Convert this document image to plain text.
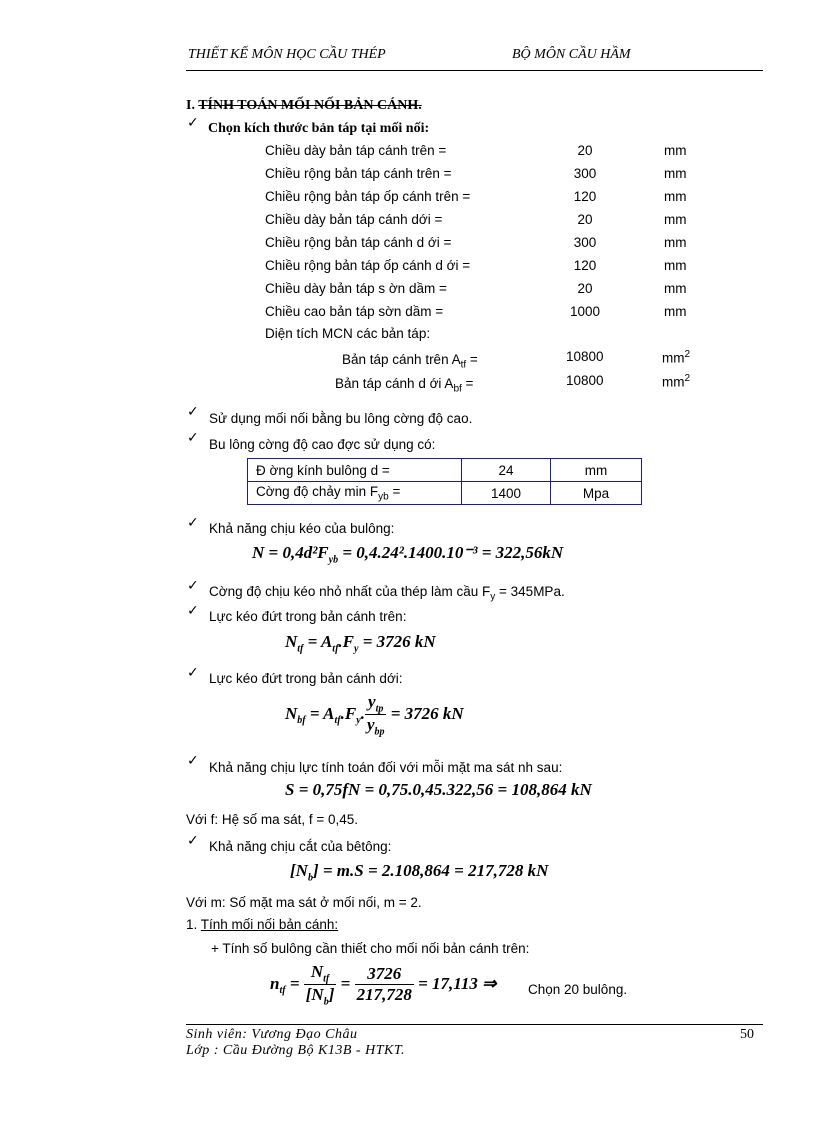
THIẾT KẾ MÔN HỌC CẦU THÉP	BỘ MÔN CẦU HẦM
I. TÍNH TOÁN MỐI NỐI BẢN CÁNH.
✓ Chọn kích thước bản táp tại mối nối:
Chiều dày bản táp cánh trên =	20	mm
Chiều rộng bản táp cánh trên =	300	mm
Chiều rộng bản táp ốp cánh trên =	120	mm
Chiều dày bản táp cánh dới =	20	mm
Chiều rộng bản táp cánh d ới =	300	mm
Chiều rộng bản táp ốp cánh d ới =	120	mm
Chiều dày bản táp s ờn dầm =	20	mm
Chiều cao bản táp sờn dầm =	1000	mm
Diện tích MCN các bản táp:
Bản táp cánh trên $A_{tf}$ =	10800	$mm^2$
Bản táp cánh d ới $A_{bf}$ =	10800	$mm^2$
✓ Sử dụng mối nối bằng bu lông cờng độ cao.
✓ Bu lông cờng độ cao đợc sử dụng có:
Đ ờng kính bulông d =	24	mm
Cờng độ chảy $\min F_{yb}$ =	1400	Mpa
✓ Khả năng chịu kéo của bulông:
$N = 0,4d^2F_{yb} = 0,4.24^2.1400.10^{-3} = 322,56kN$
✓ Cờng độ chịu kéo nhỏ nhất của thép làm cầu $F_y = 345MPa$.
✓ Lực kéo đứt trong bản cánh trên:
$N_{tf} = A_{tf}.F_y = 3726$ kN
✓ Lực kéo đứt trong bản cánh dới:
$N_{bf} = A_{tf}.F_y$. $\frac{y_{tp}}{y_{bp}} = 3726$ kN
✓ Khả năng chịu lực tính toán đối với mỗi mặt ma sát nh sau:
S = 0,75fN = 0,75.0,45.322,56 = 108,864 kN
Với f: Hệ số ma sát, f = 0,45.
✓ Khả năng chịu cắt của bêtông:
$[N_b] = m.S = 2.108,864 = 217,728$ kN
Với m: Số mặt ma sát ở mối nối, m = 2.
1. Tính mối nối bản cánh:
+ Tính số bulông cần thiết cho mối nối bản cánh trên:
$n_{tf} = \frac{N_{tf}}{[N_b]} = \frac{3726}{217,728} = 17,113$ ⇒ Chọn 20 bulông.
Sinh viên: Vương Đạo Châu
Lớp : Cầu Đường Bộ K13B - HTKT.
50
